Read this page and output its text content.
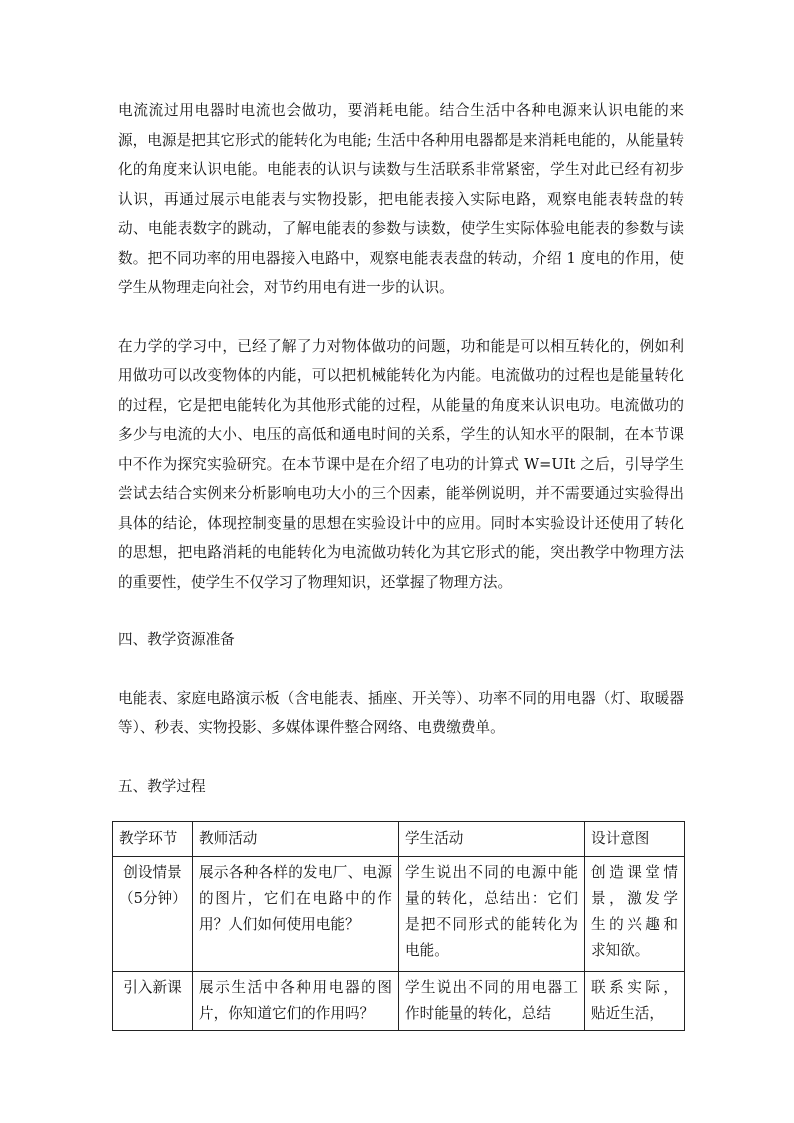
电流流过用电器时电流也会做功，要消耗电能。结合生活中各种电源来认识电能的来源，电源是把其它形式的能转化为电能; 生活中各种用电器都是来消耗电能的，从能量转化的角度来认识电能。电能表的认识与读数与生活联系非常紧密，学生对此已经有初步认识，再通过展示电能表与实物投影，把电能表接入实际电路，观察电能表转盘的转动、电能表数字的跳动，了解电能表的参数与读数，使学生实际体验电能表的参数与读数。把不同功率的用电器接入电路中，观察电能表表盘的转动，介绍 1 度电的作用，使学生从物理走向社会，对节约用电有进一步的认识。

在力学的学习中，已经了解了力对物体做功的问题，功和能是可以相互转化的，例如利用做功可以改变物体的内能，可以把机械能转化为内能。电流做功的过程也是能量转化的过程，它是把电能转化为其他形式能的过程，从能量的角度来认识电功。电流做功的多少与电流的大小、电压的高低和通电时间的关系，学生的认知水平的限制，在本节课中不作为探究实验研究。在本节课中是在介绍了电功的计算式 W=UIt 之后，引导学生尝试去结合实例来分析影响电功大小的三个因素，能举例说明，并不需要通过实验得出具体的结论，体现控制变量的思想在实验设计中的应用。同时本实验设计还使用了转化的思想，把电路消耗的电能转化为电流做功转化为其它形式的能，突出教学中物理方法的重要性，使学生不仅学习了物理知识，还掌握了物理方法。

四、教学资源准备

电能表、家庭电路演示板（含电能表、插座、开关等）、功率不同的用电器（灯、取暖器等）、秒表、实物投影、多媒体课件整合网络、电费缴费单。

五、教学过程

教学环节	教师活动	学生活动	设计意图
创设情景（5分钟）	展示各种各样的发电厂、电源的图片，它们在电路中的作用？人们如何使用电能？	学生说出不同的电源中能量的转化，总结出：它们是把不同形式的能转化为电能。	创造课堂情景，激发学生的兴趣和求知欲。
引入新课	展示生活中各种用电器的图片，你知道它们的作用吗？	学生说出不同的用电器工作时能量的转化，总结	联系实际，贴近生活，
